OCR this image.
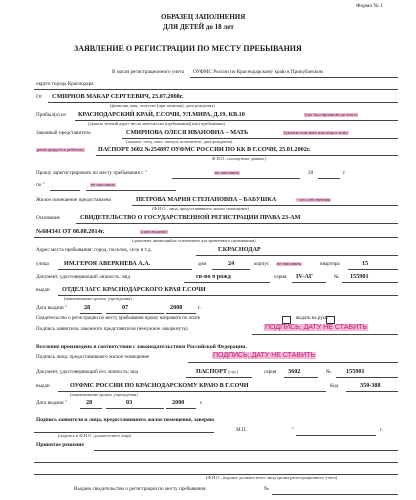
Форма № 1
ОБРАЗЕЦ ЗАПОЛНЕНИЯ
ДЛЯ ДЕТЕЙ до 18 лет
ЗАЯВЛЕНИЕ О РЕГИСТРАЦИИ ПО МЕСТУ ПРЕБЫВАНИЯ
В орган регистрационного учета ОУФМС России по Краснодарскому краю в Прикубанском
округе города Краснодара
От СМИРНОВ МАКАР СЕРГЕЕВИЧ, 23.07.2008г.
(фамилия, имя, отчество (при наличии), дата рождения)
Прибыл(а) из КРАСНОДАРСКИЙ КРАЙ, Г.СОЧИ, УЛ.МИРА, Д.19, КВ.10	(где был прописан до этого)
(указать точный адрес места жительства (пребывания)(или) пребывания)
Законный представитель	СМИРНОВА ОЛЕСЯ ИВАНОВНА – МАТЬ	(указать или мать или отца к кому
(указать: отец, мать, опекун, попечитель, дата рождения)
регистрируется ребёнок) ПАСПОРТ 3602 №254897 ОУФМС РОССИИ ПО КК В Г.СОЧИ, 25.01.2002г.
Ф.И.О., паспортные данные)
Прошу зарегистрировать по месту пребывания с "	не заполнять	20	г.
по "	не заполнять
Жилое помещение предоставлено	ПЕТРОВА МАРИЯ СТЕПАНОВНА – БАБУШКА	- кто собственник
(Ф.И.О., лица, предоставившего жилое помещение)
Основание	СВИДЕТЕЛЬСТВО О ГОСУДАРСТВЕННОЙ РЕГИСТРАЦИИ ПРАВА 23-АМ
№684341 ОТ 08.08.2014г.	(дата выдачи)
(документ, являющийся основанием для временного проживания)
Адрес места пребывания: город, поселок, село и т.д.	Г.КРАСНОДАР
улица ИМ.ГЕРОЯ АВЕРКИЕВА А.А.	дом	24	корпус не заполнять	квартира	15
Документ, удостоверяющий личность: вид	св-во о рожд	серия IV-АГ	№ 155901
выдан ОТДЕЛ ЗАГС КРАСНОДАРСКОГО КРАЯ Г.СОЧИ
(наименование органа, учреждения)
Дата выдачи "	28	07	2008	г.
Свидетельство о регистрации по месту пребывания прошу направить по почте	выдать на руки
Подпись заявителя, законного представителя (ненужное зачеркнуть)	ПОДПИСЬ, ДАТУ НЕ СТАВИТЬ
Вселение произведено в соответствии с законодательством Российской Федерации.
Подпись лица, предоставившего жилое помещение	ПОДПИСЬ, ДАТУ НЕ СТАВИТЬ
Документ, удостоверяющий его личность: вид	ПАСПОРТ (стр.)	серия 3602	№ 155901
выдан	ОУФМС РОССИИ ПО КРАСНОДАРСКОМУ КРАЮ В Г.СОЧИ	Код	350-388
(наименование органа, учреждения)
Дата выдачи "	28	03	2000	г.
Подпись заявителя и лица, предоставившего жилое помещение, заверяю
(подпись и Ф.И.О. должностного лица)
М.П.	"	г.
Принятое решение
(Ф.И.О., подпись должностного лица органа регистрационного учета)
Выдано свидетельство о регистрации по месту пребывания	№
